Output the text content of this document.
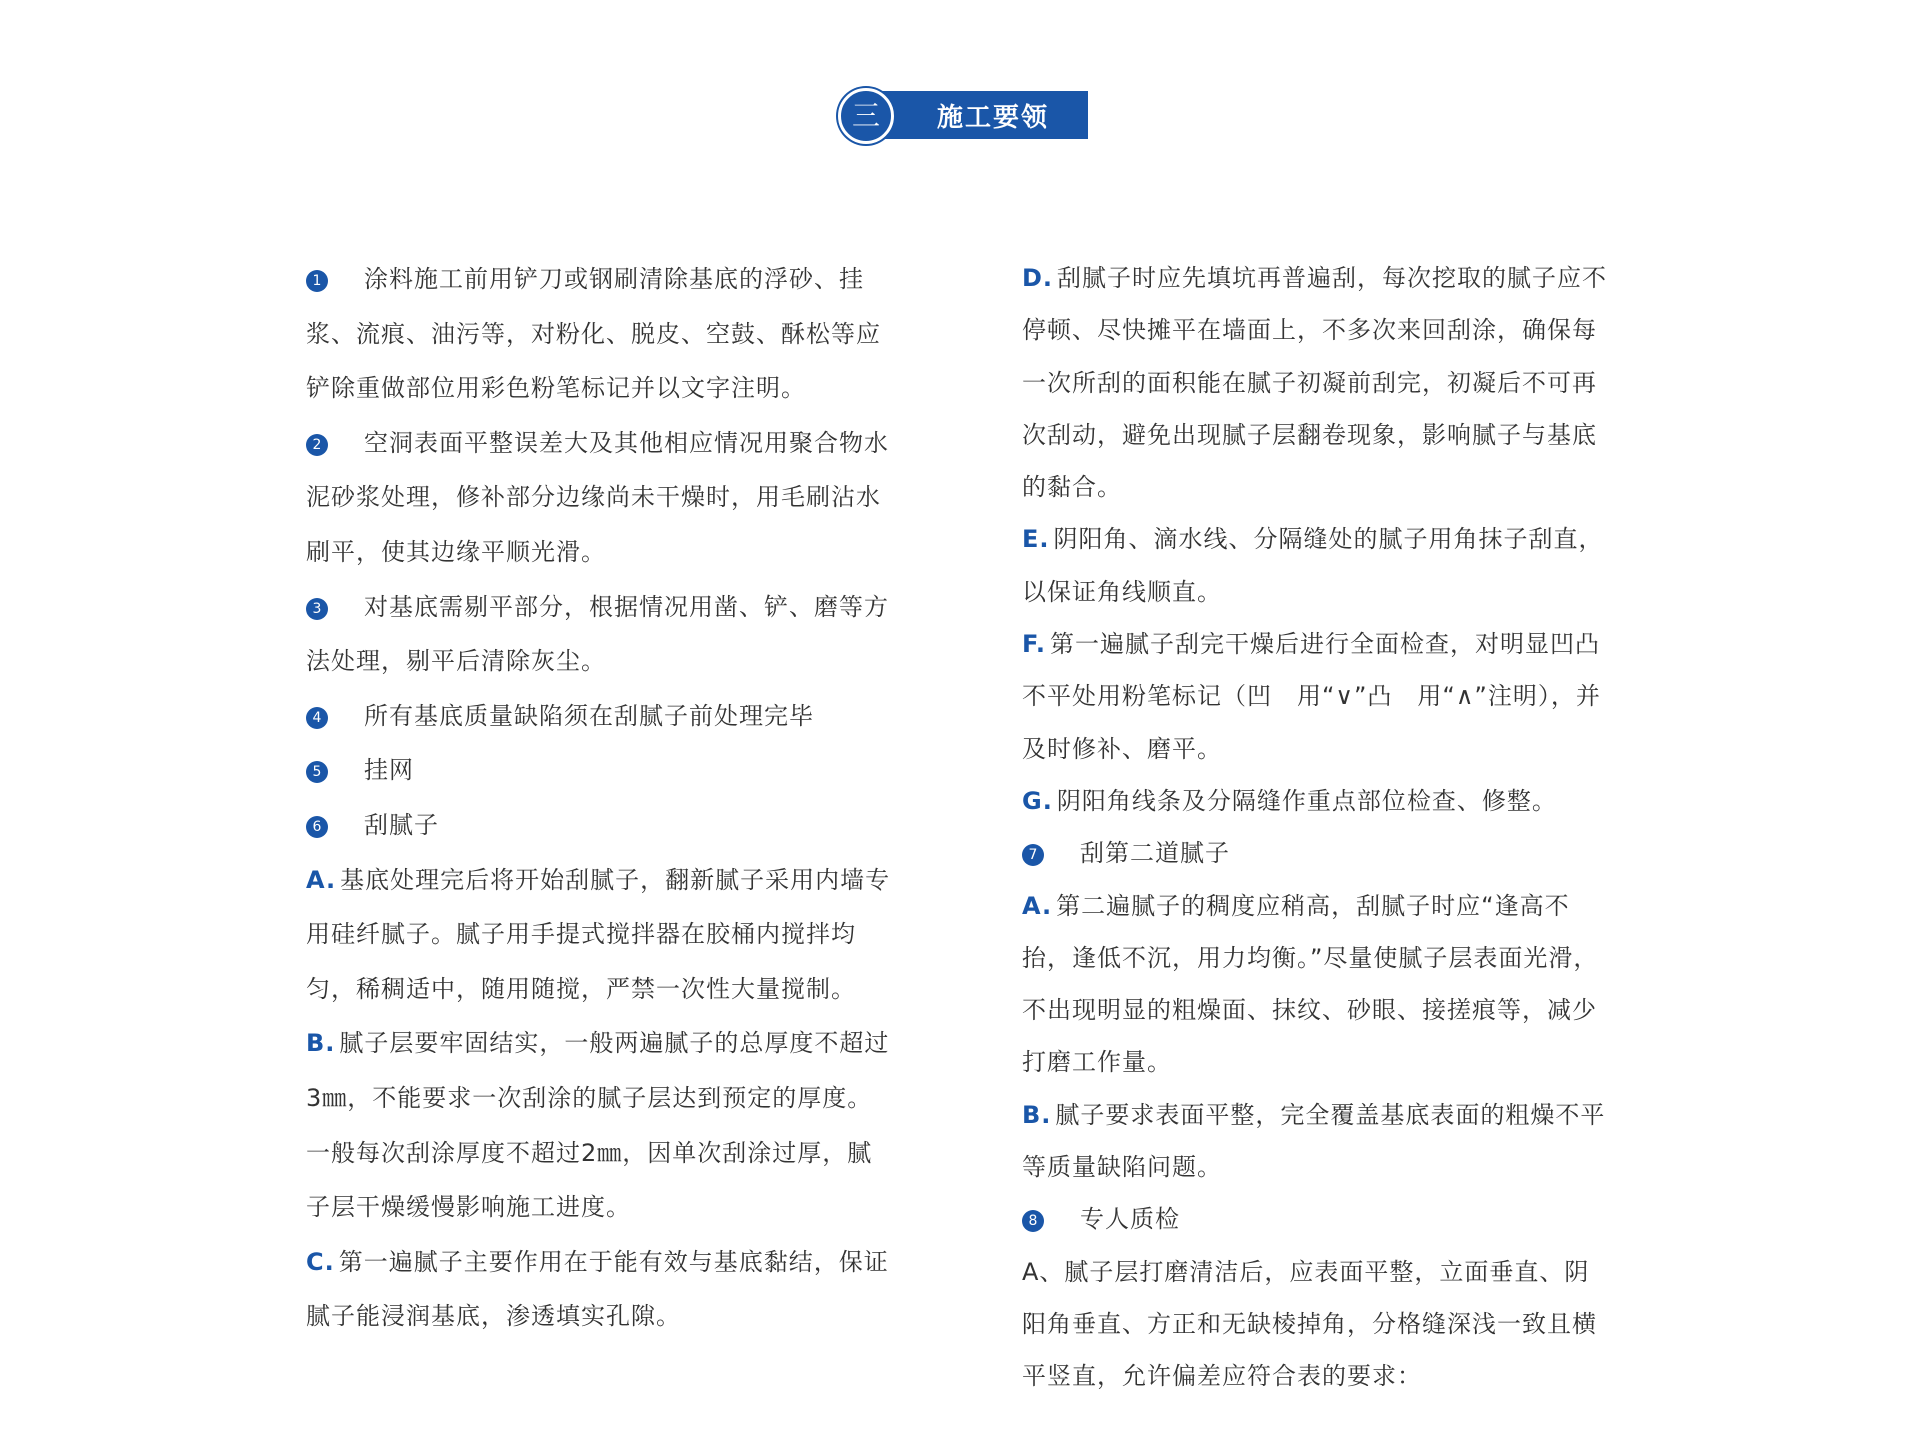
施工要领
三

1 涂料施工前用铲刀或钢刷清除基底的浮砂、挂浆、流痕、油污等，对粉化、脱皮、空鼓、酥松等应铲除重做部位用彩色粉笔标记并以文字注明。

2 空洞表面平整误差大及其他相应情况用聚合物水泥砂浆处理，修补部分边缘尚未干燥时，用毛刷沾水刷平，使其边缘平顺光滑。

3 对基底需剔平部分，根据情况用凿、铲、磨等方法处理，剔平后清除灰尘。

4 所有基底质量缺陷须在刮腻子前处理完毕

5 挂网

6 刮腻子

A. 基底处理完后将开始刮腻子，翻新腻子采用内墙专用硅纤腻子。腻子用手提式搅拌器在胶桶内搅拌均匀，稀稠适中，随用随搅，严禁一次性大量搅制。

B. 腻子层要牢固结实，一般两遍腻子的总厚度不超过3㎜，不能要求一次刮涂的腻子层达到预定的厚度。一般每次刮涂厚度不超过2㎜，因单次刮涂过厚，腻子层干燥缓慢影响施工进度。

C. 第一遍腻子主要作用在于能有效与基底黏结，保证腻子能浸润基底，渗透填实孔隙。

D. 刮腻子时应先填坑再普遍刮，每次挖取的腻子应不停顿、尽快摊平在墙面上，不多次来回刮涂，确保每一次所刮的面积能在腻子初凝前刮完，初凝后不可再次刮动，避免出现腻子层翻卷现象，影响腻子与基底的黏合。

E. 阴阳角、滴水线、分隔缝处的腻子用角抹子刮直，以保证角线顺直。

F. 第一遍腻子刮完干燥后进行全面检查，对明显凹凸不平处用粉笔标记（凹　用“∨”凸　用“∧”注明），并及时修补、磨平。

G. 阴阳角线条及分隔缝作重点部位检查、修整。

7 刮第二道腻子

A. 第二遍腻子的稠度应稍高，刮腻子时应“逢高不抬，逢低不沉，用力均衡。”尽量使腻子层表面光滑，不出现明显的粗燥面、抹纹、砂眼、接搓痕等，减少打磨工作量。

B. 腻子要求表面平整，完全覆盖基底表面的粗燥不平等质量缺陷问题。

8 专人质检

A、腻子层打磨清洁后，应表面平整，立面垂直、阴阳角垂直、方正和无缺棱掉角，分格缝深浅一致且横平竖直，允许偏差应符合表的要求：
